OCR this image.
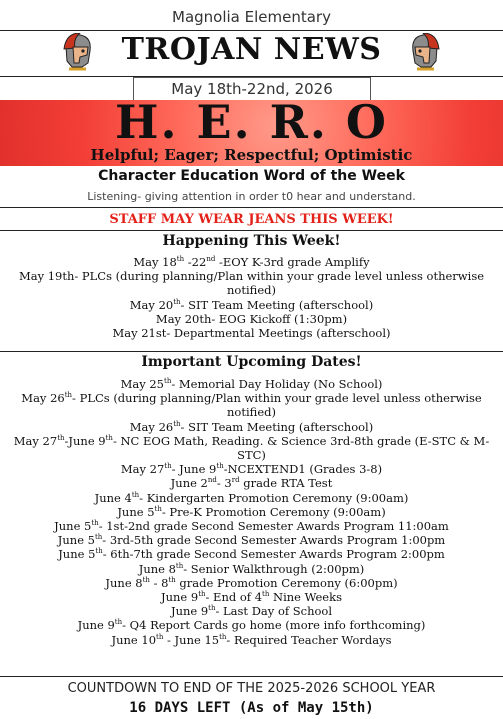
Magnolia Elementary
TROJAN NEWS
May 18th-22nd, 2026
H. E. R. O
Helpful; Eager; Respectful; Optimistic
Character Education Word of the Week
Listening- giving attention in order t0 hear and understand.
STAFF MAY WEAR JEANS THIS WEEK!
Happening This Week!
May 18th -22nd -EOY K-3rd grade Amplify
May 19th- PLCs (during planning/Plan within your grade level unless otherwise notified)
May 20th- SIT Team Meeting (afterschool)
May 20th- EOG Kickoff (1:30pm)
May 21st- Departmental Meetings (afterschool)
Important Upcoming Dates!
May 25th- Memorial Day Holiday (No School)
May 26th- PLCs (during planning/Plan within your grade level unless otherwise notified)
May 26th- SIT Team Meeting (afterschool)
May 27th-June 9th- NC EOG Math, Reading. & Science 3rd-8th grade (E-STC & M-STC)
May 27th- June 9th-NCEXTEND1 (Grades 3-8)
June 2nd- 3rd grade RTA Test
June 4th- Kindergarten Promotion Ceremony (9:00am)
June 5th- Pre-K Promotion Ceremony (9:00am)
June 5th- 1st-2nd grade Second Semester Awards Program 11:00am
June 5th- 3rd-5th grade Second Semester Awards Program 1:00pm
June 5th- 6th-7th grade Second Semester Awards Program 2:00pm
June 8th- Senior Walkthrough (2:00pm)
June 8th - 8th grade Promotion Ceremony (6:00pm)
June 9th- End of 4th Nine Weeks
June 9th- Last Day of School
June 9th- Q4 Report Cards go home (more info forthcoming)
June 10th - June 15th- Required Teacher Wordays
COUNTDOWN TO END OF THE 2025-2026 SCHOOL YEAR
16 DAYS LEFT (As of May 15th)
